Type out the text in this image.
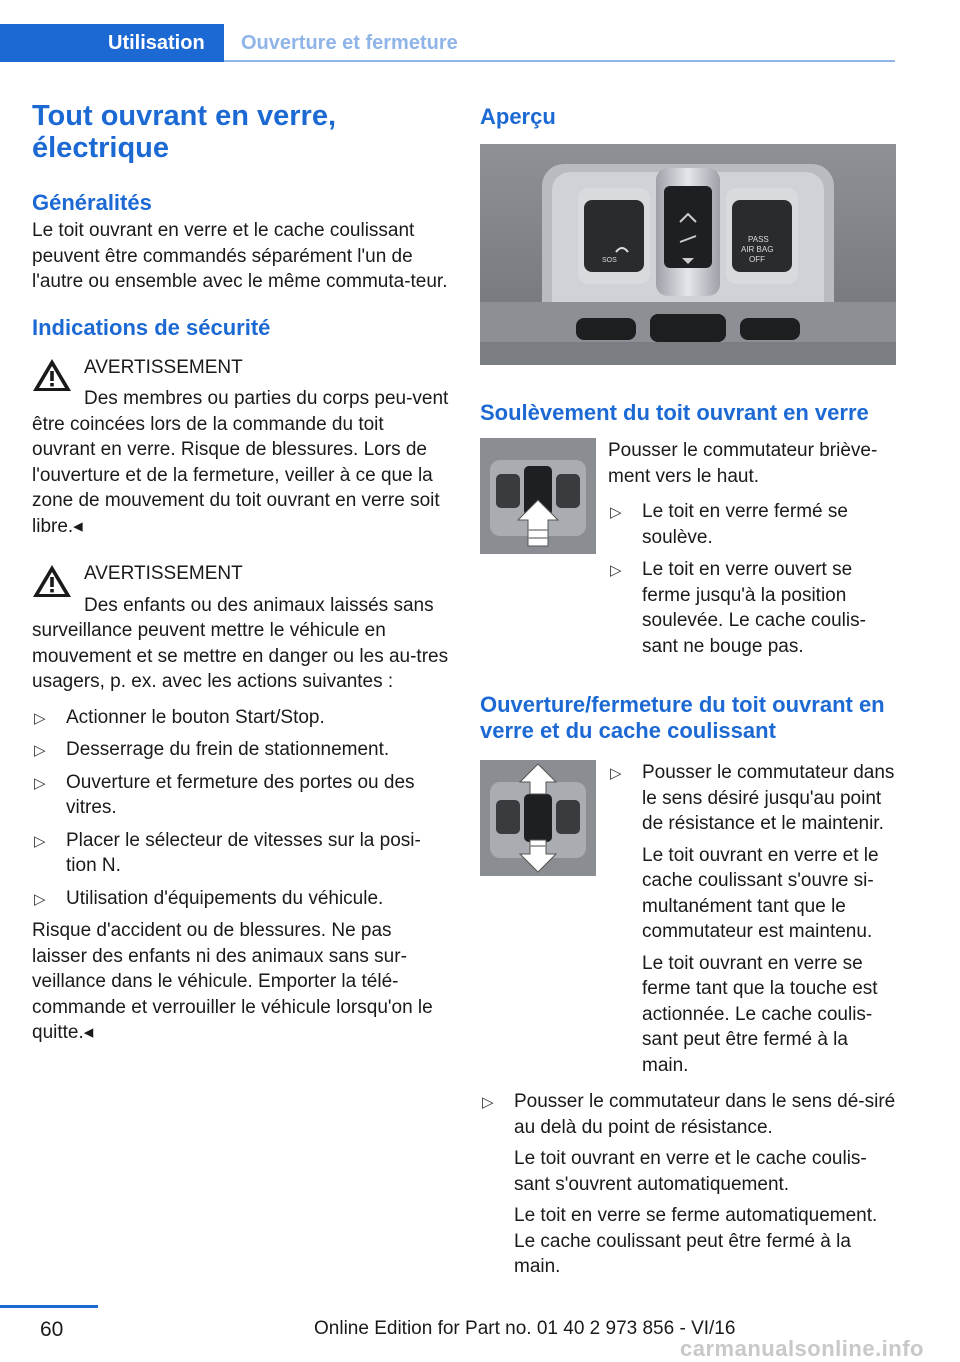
Utilisation	Ouverture et fermeture
Tout ouvrant en verre, électrique
Généralités

Le toit ouvrant en verre et le cache coulissant peuvent être commandés séparément l'un de l'autre ou ensemble avec le même commuta-teur.

Indications de sécurité
AVERTISSEMENT

Des membres ou parties du corps peu-vent être coincées lors de la commande du toit ouvrant en verre. Risque de blessures. Lors de l'ouverture et de la fermeture, veiller à ce que la zone de mouvement du toit ouvrant en verre soit libre.◂

AVERTISSEMENT

Des enfants ou des animaux laissés sans surveillance peuvent mettre le véhicule en mouvement et se mettre en danger ou les au-tres usagers, p. ex. avec les actions suivantes :

▷ Actionner le bouton Start/Stop.
▷ Desserrage du frein de stationnement.
▷ Ouverture et fermeture des portes ou des vitres.
▷ Placer le sélecteur de vitesses sur la posi-tion N.
▷ Utilisation d'équipements du véhicule.

Risque d'accident ou de blessures. Ne pas laisser des enfants ni des animaux sans sur-veillance dans le véhicule. Emporter la télé-commande et verrouiller le véhicule lorsqu'on le quitte.◂

Aperçu
SOS
PASS
AIR BAG
OFF
Soulèvement du toit ouvrant en verre

Pousser le commutateur briève-ment vers le haut.

▷ Le toit en verre fermé se soulève.
▷ Le toit en verre ouvert se ferme jusqu'à la position soulevée. Le cache coulis-sant ne bouge pas.
Ouverture/fermeture du toit ouvrant en verre et du cache coulissant
▷ Pousser le commutateur dans le sens désiré jusqu'au point de résistance et le maintenir.

Le toit ouvrant en verre et le cache coulissant s'ouvre si-multanément tant que le commutateur est maintenu.

Le toit ouvrant en verre se ferme tant que la touche est actionnée. Le cache coulis-sant peut être fermé à la main.

▷ Pousser le commutateur dans le sens dé-siré au delà du point de résistance.

Le toit ouvrant en verre et le cache coulis-sant s'ouvrent automatiquement.

Le toit en verre se ferme automatiquement. Le cache coulissant peut être fermé à la main.

60	Online Edition for Part no. 01 40 2 973 856 - VI/16
carmanualsonline.info
